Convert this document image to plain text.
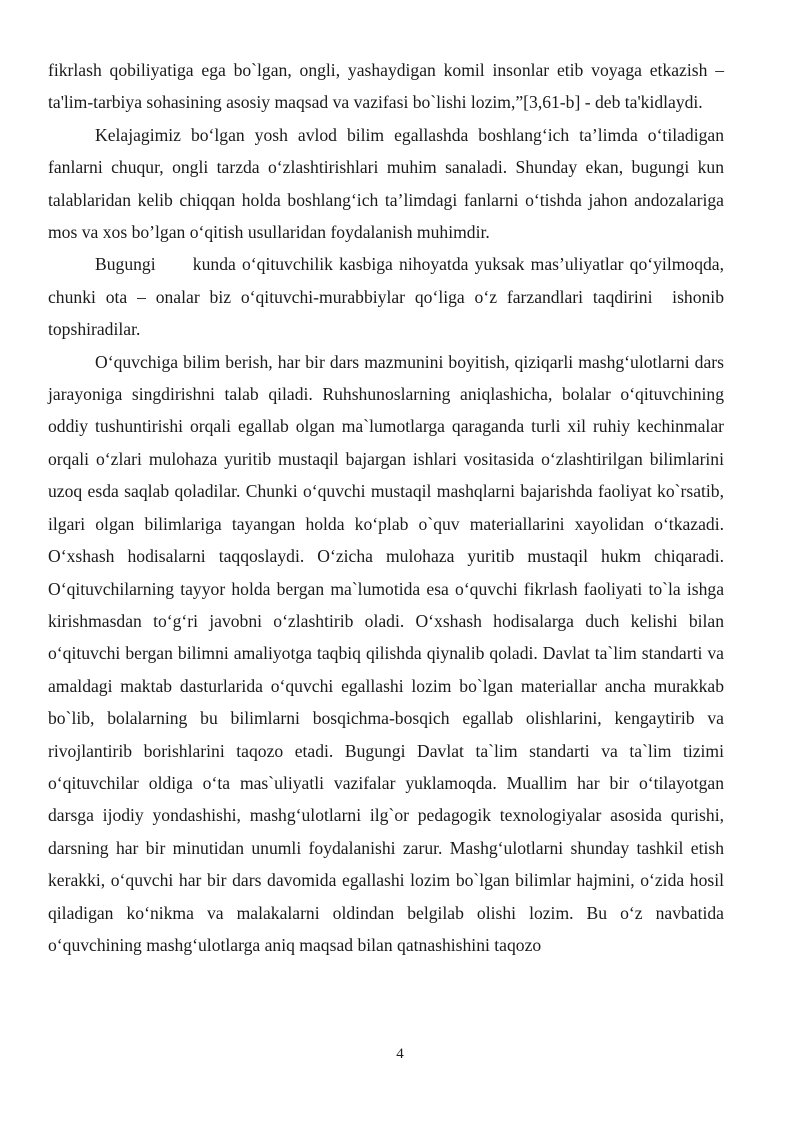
fikrlash qobiliyatiga ega bo`lgan, ongli, yashaydigan komil insonlar etib voyaga etkazish – ta'lim-tarbiya sohasining asosiy maqsad va vazifasi bo`lishi lozim,”[3,61-b] - deb ta'kidlaydi.

Kelajagimiz bo‘lgan yosh avlod bilim egallashda boshlang‘ich ta’limda o‘tiladigan fanlarni chuqur, ongli tarzda o‘zlashtirishlari muhim sanaladi. Shunday ekan, bugungi kun talablaridan kelib chiqqan holda boshlang‘ich ta’limdagi fanlarni o‘tishda jahon andozalariga mos va xos bo’lgan o‘qitish usullaridan foydalanish muhimdir.

Bugungi      kunda o‘qituvchilik kasbiga nihoyatda yuksak mas’uliyatlar qo‘yilmoqda, chunki ota – onalar biz o‘qituvchi-murabbiylar qo‘liga o‘z farzandlari taqdirini  ishonib topshiradilar.

O‘quvchiga bilim berish, har bir dars mazmunini boyitish, qiziqarli mashg‘ulotlarni dars jarayoniga singdirishni talab qiladi. Ruhshunoslarning aniqlashicha, bolalar o‘qituvchining oddiy tushuntirishi orqali egallab olgan ma`lumotlarga qaraganda turli xil ruhiy kechinmalar orqali o‘zlari mulohaza yuritib mustaqil bajargan ishlari vositasida o‘zlashtirilgan bilimlarini uzoq esda saqlab qoladilar. Chunki o‘quvchi mustaqil mashqlarni bajarishda faoliyat ko`rsatib, ilgari olgan bilimlariga tayangan holda ko‘plab o`quv materiallarini xayolidan o‘tkazadi. O‘xshash hodisalarni taqqoslaydi. O‘zicha mulohaza yuritib mustaqil hukm chiqaradi. O‘qituvchilarning tayyor holda bergan ma`lumotida esa o‘quvchi fikrlash faoliyati to`la ishga kirishmasdan to‘g‘ri javobni o‘zlashtirib oladi. O‘xshash hodisalarga duch kelishi bilan o‘qituvchi bergan bilimni amaliyotga taqbiq qilishda qiynalib qoladi. Davlat ta`lim standarti va amaldagi maktab dasturlarida o‘quvchi egallashi lozim bo`lgan materiallar ancha murakkab bo`lib, bolalarning bu bilimlarni bosqichma-bosqich egallab olishlarini, kengaytirib va rivojlantirib borishlarini taqozo etadi. Bugungi Davlat ta`lim standarti va ta`lim tizimi o‘qituvchilar oldiga o‘ta mas`uliyatli vazifalar yuklamoqda. Muallim har bir o‘tilayotgan darsga ijodiy yondashishi, mashg‘ulotlarni ilg`or pedagogik texnologiyalar asosida qurishi, darsning har bir minutidan unumli foydalanishi zarur. Mashg‘ulotlarni shunday tashkil etish kerakki, o‘quvchi har bir dars davomida egallashi lozim bo`lgan bilimlar hajmini, o‘zida hosil qiladigan ko‘nikma va malakalarni oldindan belgilab olishi lozim. Bu o‘z navbatida o‘quvchining mashg‘ulotlarga aniq maqsad bilan qatnashishini taqozo

4
